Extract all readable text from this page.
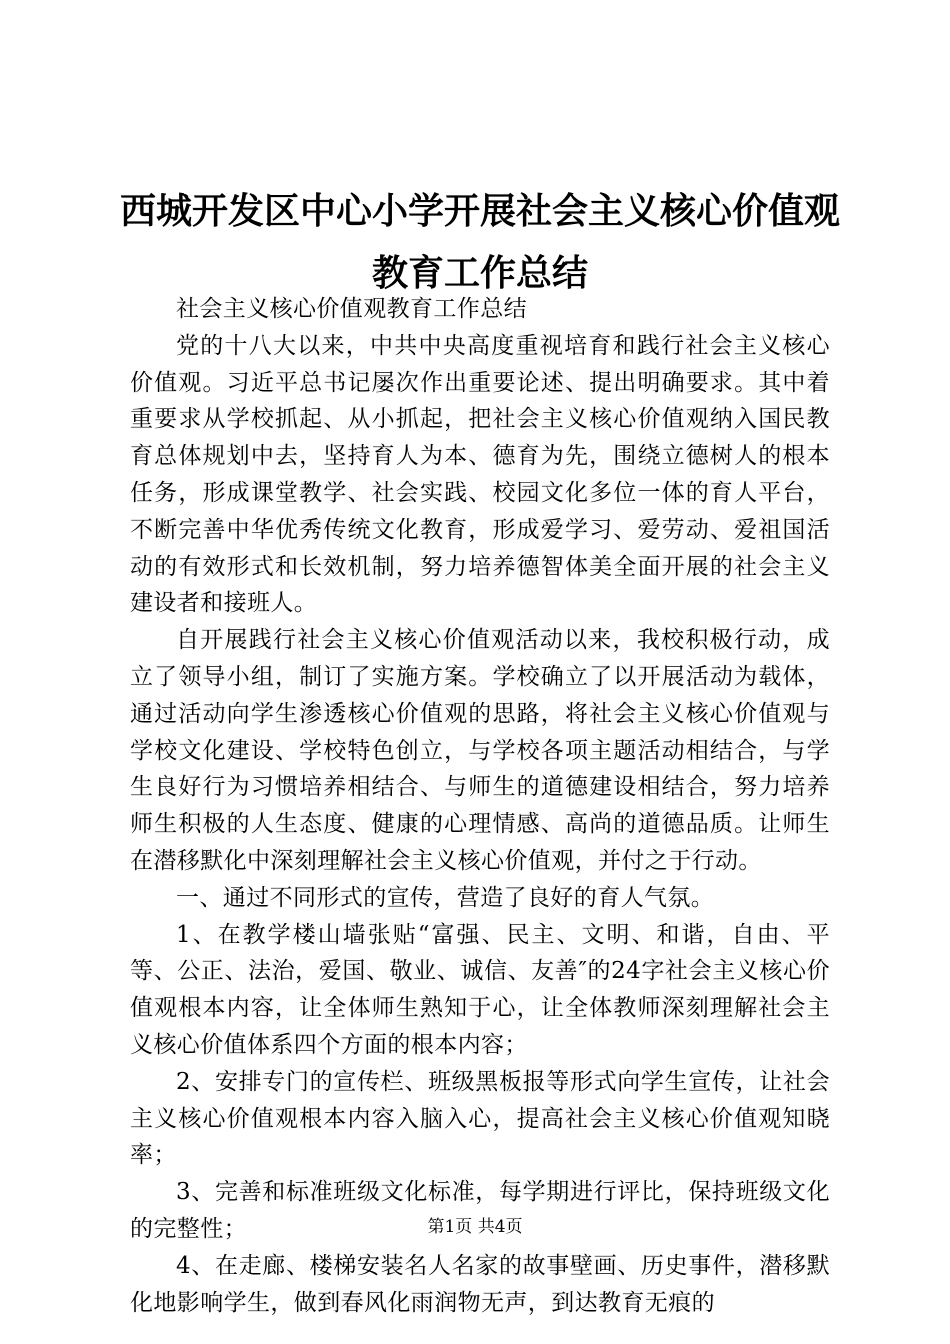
西城开发区中心小学开展社会主义核心价值观
教育工作总结

社会主义核心价值观教育工作总结

党的十八大以来，中共中央高度重视培育和践行社会主义核心价值观。习近平总书记屡次作出重要论述、提出明确要求。其中着重要求从学校抓起、从小抓起，把社会主义核心价值观纳入国民教育总体规划中去，坚持育人为本、德育为先，围绕立德树人的根本任务，形成课堂教学、社会实践、校园文化多位一体的育人平台，不断完善中华优秀传统文化教育，形成爱学习、爱劳动、爱祖国活动的有效形式和长效机制，努力培养德智体美全面开展的社会主义建设者和接班人。

自开展践行社会主义核心价值观活动以来，我校积极行动，成立了领导小组，制订了实施方案。学校确立了以开展活动为载体，通过活动向学生渗透核心价值观的思路，将社会主义核心价值观与学校文化建设、学校特色创立，与学校各项主题活动相结合，与学生良好行为习惯培养相结合、与师生的道德建设相结合，努力培养师生积极的人生态度、健康的心理情感、高尚的道德品质。让师生在潜移默化中深刻理解社会主义核心价值观，并付之于行动。

一、通过不同形式的宣传，营造了良好的育人气氛。

1、在教学楼山墙张贴“富强、民主、文明、和谐，自由、平等、公正、法治，爱国、敬业、诚信、友善″的24字社会主义核心价值观根本内容，让全体师生熟知于心，让全体教师深刻理解社会主义核心价值体系四个方面的根本内容；

2、安排专门的宣传栏、班级黑板报等形式向学生宣传，让社会主义核心价值观根本内容入脑入心，提高社会主义核心价值观知晓率；

3、完善和标准班级文化标准，每学期进行评比，保持班级文化的完整性；

4、在走廊、楼梯安装名人名家的故事壁画、历史事件，潜移默化地影响学生，做到春风化雨润物无声，到达教育无痕的

第1页 共4页
